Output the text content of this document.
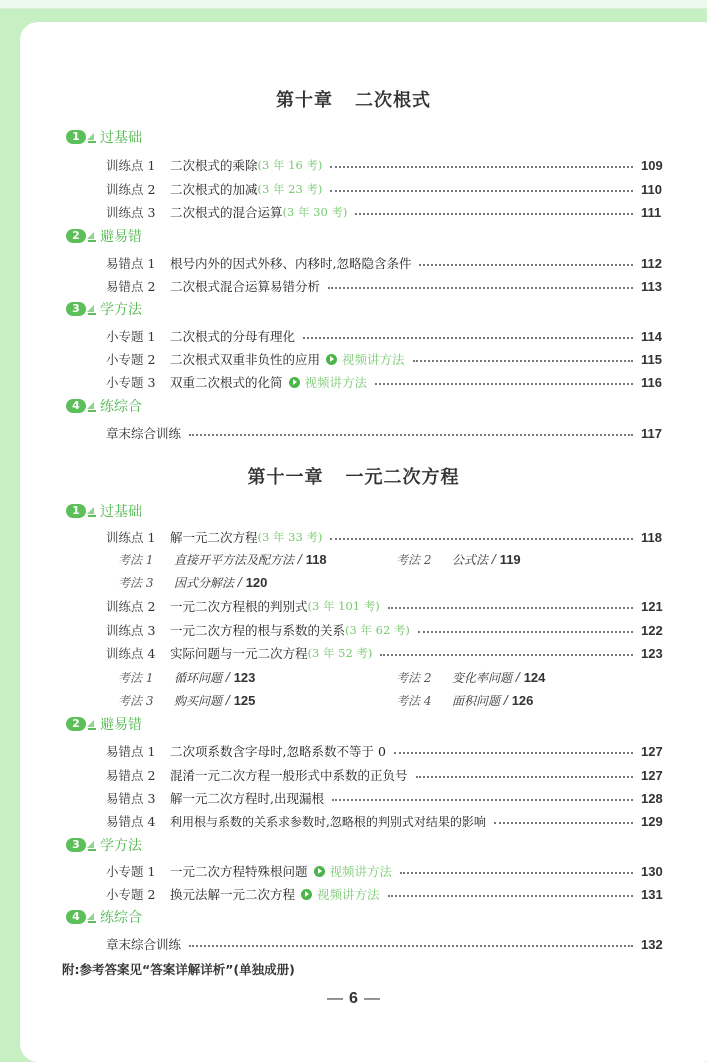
第十章 二次根式
1	过基础
训练点 1	二次根式的乘除 (3 年 16 考)	109
训练点 2	二次根式的加减 (3 年 23 考)	110
训练点 3	二次根式的混合运算 (3 年 30 考)	111
2	避易错
易错点 1	根号内外的因式外移、内移时,忽略隐含条件	112
易错点 2	二次根式混合运算易错分析	113
3	学方法
小专题 1	二次根式的分母有理化	114
小专题 2	二次根式双重非负性的应用 视频讲方法	115
小专题 3	双重二次根式的化简 视频讲方法	116
4	练综合
章末综合训练	117
第十一章 一元二次方程
1	过基础
训练点 1	解一元二次方程 (3 年 33 考)	118
考法 1	直接开平方法及配方法 / 118	考法 2	公式法 / 119
考法 3	因式分解法 / 120
训练点 2	一元二次方程根的判别式 (3 年 101 考)	121
训练点 3	一元二次方程的根与系数的关系 (3 年 62 考)	122
训练点 4	实际问题与一元二次方程 (3 年 52 考)	123
考法 1	循环问题 / 123	考法 2	变化率问题 / 124
考法 3	购买问题 / 125	考法 4	面积问题 / 126
2	避易错
易错点 1	二次项系数含字母时,忽略系数不等于 0	127
易错点 2	混淆一元二次方程一般形式中系数的正负号	127
易错点 3	解一元二次方程时,出现漏根	128
易错点 4	利用根与系数的关系求参数时,忽略根的判别式对结果的影响	129
3	学方法
小专题 1	一元二次方程特殊根问题 视频讲方法	130
小专题 2	换元法解一元二次方程 视频讲方法	131
4	练综合
章末综合训练	132
附:参考答案见“答案详解详析”(单独成册)
— 6 —
